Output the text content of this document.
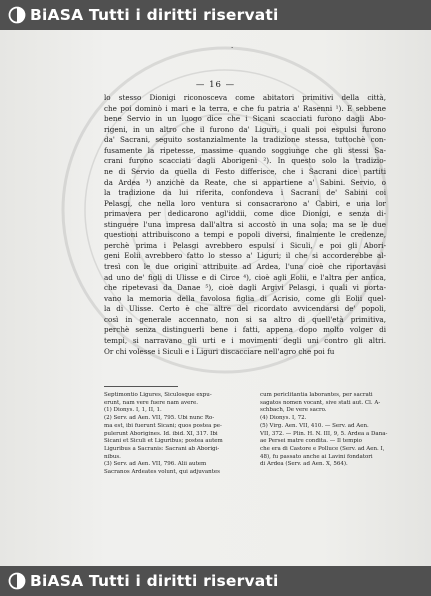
BiASA Tutti i diritti riservati
·
— 16 —
lo stesso Dionigi riconosceva come abitatori primitivi della città,
che poi dominò i mari e la terra, e che fu patria a' Rasenni ¹). E sebbene
bene Servio in un luogo dice che i Sicani scacciati furono dagli Abo-
rigeni, in un altro che il furono da' Liguri, i quali poi espulsi furono
da' Sacrani, seguito sostanzialmente la tradizione stessa, tuttochè con-
fusamente la ripetesse, massime quando soggiunge che gli stessi Sa-
crani furono scacciati dagli Aborigeni ²). In questo solo la tradizio-
ne di Servio da quella di Festo differisce, che i Sacrani dice partiti
da Ardea ³) anzichè da Reate, che si appartiene a' Sabini. Servio, o
la tradizione da lui riferita, confondeva i Sacrani de' Sabini coi
Pelasgi, che nella loro ventura si consacrarono a' Cabiri, e una lor
primavera per dedicarono agl'iddii, come dice Dionigi, e senza di-
stinguere l'una impresa dall'altra si accostò in una sola; ma se le due
questioni attribuiscono a tempi e popoli diversi, finalmente le credenze,
perchè prima i Pelasgi avrebbero espulsi i Siculi, e poi gli Abori-
geni Eolii avrebbero fatto lo stesso a' Liguri; il che si accorderebbe al-
tresì con le due origini attribuite ad Ardea, l'una cioè che riportavasi
ad uno de' figli di Ulisse e di Circe ⁴), cioè agli Eolii, e l'altra per antica,
che ripetevasi da Danae ⁵), cioè dagli Argivi Pelasgi, i quali vi porta-
vano la memoria della favolosa figlia di Acrisio, come gli Eolii quel-
la di Ulisse. Certo è che altre del ricordato avvicendarsi de' popoli,
così in generale accennato, non si sa altro di quell'età primitiva,
perchè senza distinguerli bene i fatti, appena dopo molto volger di
tempi, si narravano gli urti e i movimenti degli uni contro gli altri.
Or chi volesse i Siculi e i Liguri discacciare nell'agro che poi fu
Septimontio Ligures, Siculosque expu-
erunt, nam vere fuere nam avere.
(1) Dionys. I, 1, II, 1.
(2) Serv. ad Aen. VII, 795. Ubi nunc Ro-
ma est, ibi fuerunt Sicani; quos postea pe-
pulerunt Aborigines. Id. ibid. XI, 317. Ibi
Sicani et Siculi et Liguribus; postea autem
Liguribus a Sacranis: Sacrani ab Aborigi-
nibus.
(3) Serv. ad Aen. VII, 796. Alii autem
Sacranos Ardeates volunt, qui adjuvantes
cum periclitantia laborantes, per sacrati
sagatos nomen vocant, sive stati aut. Cl. A-
schbach, De vere sacro.
(4) Dionys. I, 72.
(5) Virg. Aen. VII, 410. — Serv. ad Aen.
VII, 372. — Plin. H. N. III, 9, 5. Ardea a Dana-
ae Persei matre condita. — Il tempio
che era di Castore e Polluce (Serv. ad Aen. I,
48), fu passato anche ai Lavini fondatori
di Ardea (Serv. ad Aen. X, 564).
BiASA Tutti i diritti riservati
